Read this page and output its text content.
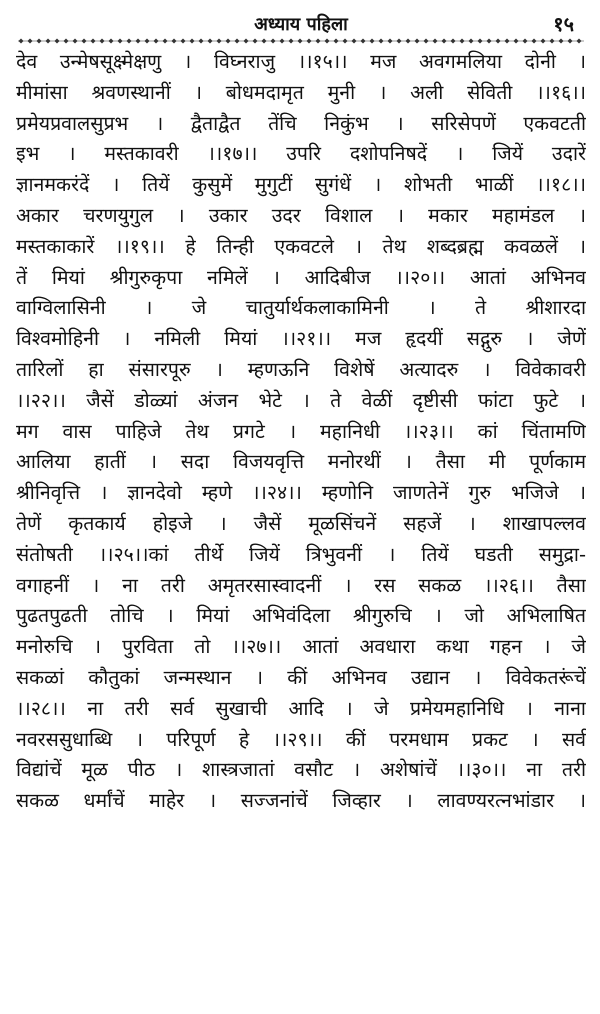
अध्याय पहिला	१५
देव उन्मेषसूक्ष्मेक्षणु । विघ्नराजु ।।१५।। मज अवगमलिया दोनी ।
मीमांसा श्रवणस्थानीं । बोधमदामृत मुनी । अली सेविती ।।१६।।
प्रमेयप्रवालसुप्रभ । द्वैताद्वैत तेंचि निकुंभ । सरिसेपणें एकवटती
इभ । मस्तकावरी ।।१७।। उपरि दशोपनिषदें । जियें उदारें
ज्ञानमकरंदें । तियें कुसुमें मुगुटीं सुगंधें । शोभती भाळीं ।।१८।।
अकार चरणयुगुल । उकार उदर विशाल । मकार महामंडल ।
मस्तकाकारें ।।१९।। हे तिन्ही एकवटले । तेथ शब्दब्रह्म कवळलें ।
तें मियां श्रीगुरुकृपा नमिलें । आदिबीज ।।२०।। आतां अभिनव
वाग्विलासिनी । जे चातुर्यार्थकलाकामिनी । ते श्रीशारदा
विश्वमोहिनी । नमिली मियां ।।२१।। मज हृदयीं सद्गुरु । जेणें
तारिलों हा संसारपूरु । म्हणऊनि विशेषें अत्यादरु । विवेकावरी
।।२२।। जैसें डोळ्यां अंजन भेटे । ते वेळीं दृष्टीसी फांटा फुटे ।
मग वास पाहिजे तेथ प्रगटे । महानिधी ।।२३।। कां चिंतामणि
आलिया हातीं । सदा विजयवृत्ति मनोरथीं । तैसा मी पूर्णकाम
श्रीनिवृत्ति । ज्ञानदेवो म्हणे ।।२४।। म्हणोनि जाणतेनें गुरु भजिजे ।
तेणें कृतकार्य होइजे । जैसें मूळसिंचनें सहजें । शाखापल्लव
संतोषती ।।२५।।कां तीर्थे जियें त्रिभुवनीं । तियें घडती समुद्रा-
वगाहनीं । ना तरी अमृतरसास्वादनीं । रस सकळ ।।२६।। तैसा
पुढतपुढती तोचि । मियां अभिवंदिला श्रीगुरुचि । जो अभिलाषित
मनोरुचि । पुरविता तो ।।२७।। आतां अवधारा कथा गहन । जे
सकळां कौतुकां जन्मस्थान । कीं अभिनव उद्यान । विवेकतरूंचें
।।२८।। ना तरी सर्व सुखाची आदि । जे प्रमेयमहानिधि । नाना
नवरससुधाब्धि । परिपूर्ण हे ।।२९।। कीं परमधाम प्रकट । सर्व
विद्यांचें मूळ पीठ । शास्त्रजातां वसौट । अशेषांचें ।।३०।। ना तरी
सकळ धर्मांचें माहेर । सज्जनांचें जिव्हार । लावण्यरत्नभांडार ।
